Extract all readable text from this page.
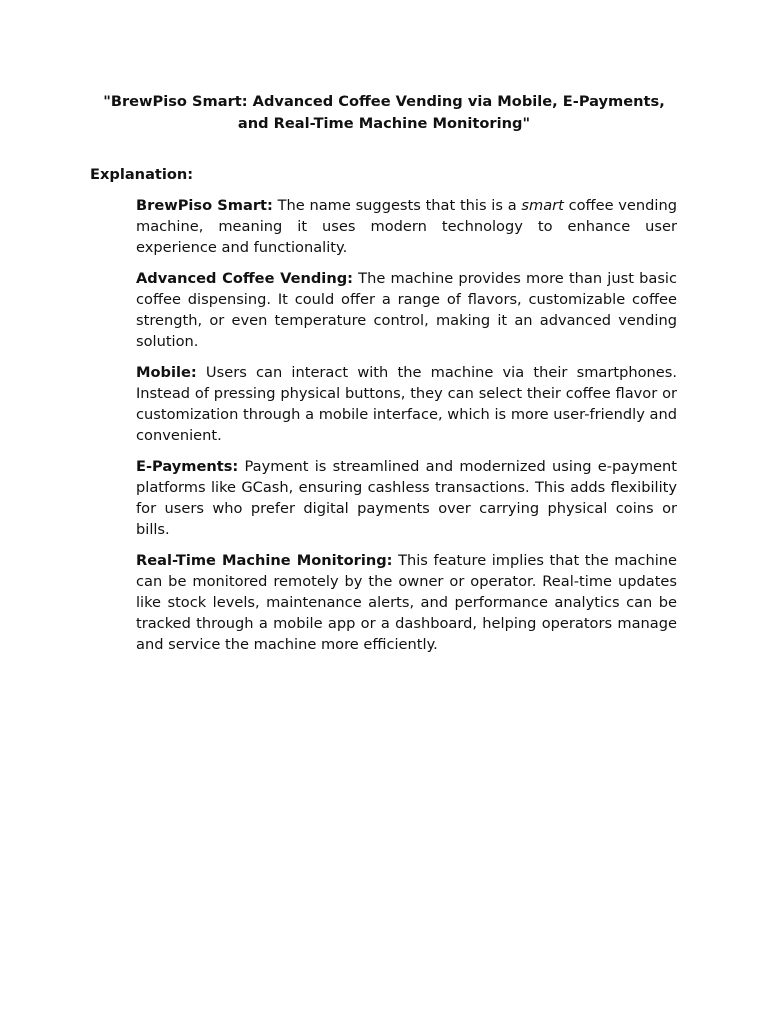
"BrewPiso Smart: Advanced Coffee Vending via Mobile, E-Payments, and Real-Time Machine Monitoring"

Explanation:

BrewPiso Smart: The name suggests that this is a smart coffee vending machine, meaning it uses modern technology to enhance user experience and functionality.

Advanced Coffee Vending: The machine provides more than just basic coffee dispensing. It could offer a range of flavors, customizable coffee strength, or even temperature control, making it an advanced vending solution.

Mobile: Users can interact with the machine via their smartphones. Instead of pressing physical buttons, they can select their coffee flavor or customization through a mobile interface, which is more user-friendly and convenient.

E-Payments: Payment is streamlined and modernized using e-payment platforms like GCash, ensuring cashless transactions. This adds flexibility for users who prefer digital payments over carrying physical coins or bills.

Real-Time Machine Monitoring: This feature implies that the machine can be monitored remotely by the owner or operator. Real-time updates like stock levels, maintenance alerts, and performance analytics can be tracked through a mobile app or a dashboard, helping operators manage and service the machine more efficiently.
